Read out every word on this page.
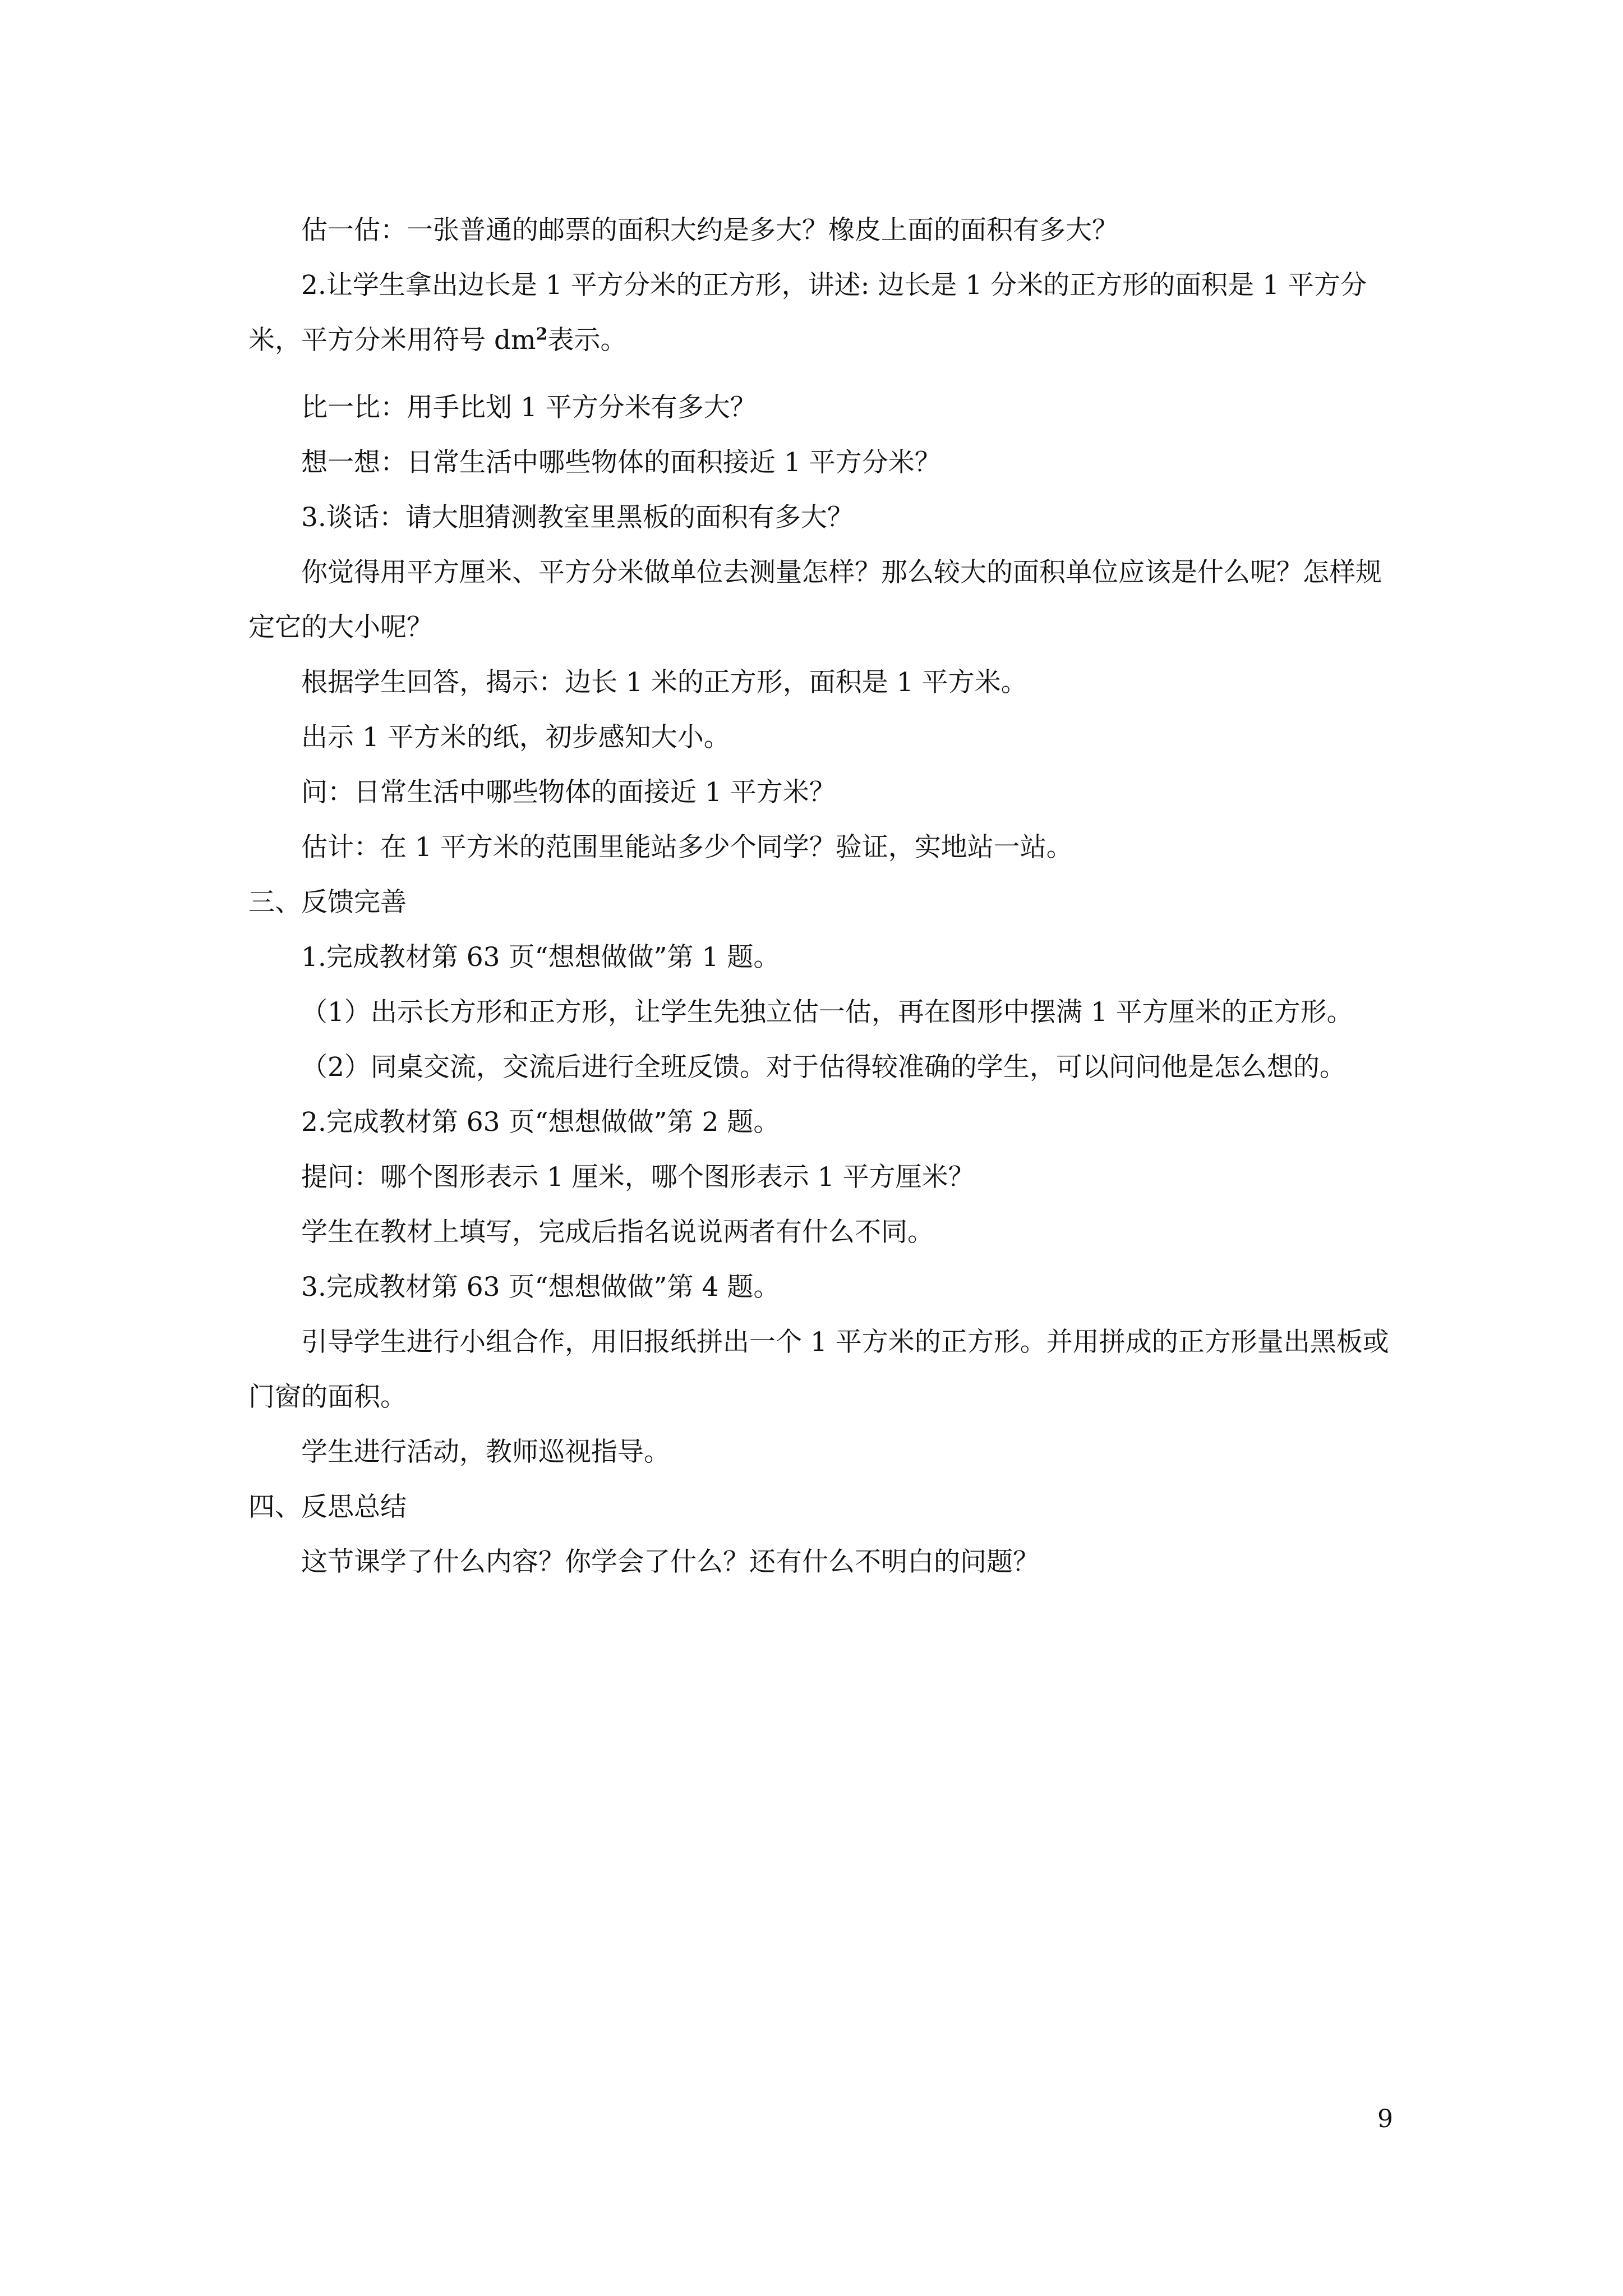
估一估：一张普通的邮票的面积大约是多大？橡皮上面的面积有多大？

2.让学生拿出边长是 1 平方分米的正方形，讲述: 边长是 1 分米的正方形的面积是 1 平方分米，平方分米用符号 $dm^2$表示。

比一比：用手比划 1 平方分米有多大？

想一想：日常生活中哪些物体的面积接近 1 平方分米？

3.谈话：请大胆猜测教室里黑板的面积有多大？

你觉得用平方厘米、平方分米做单位去测量怎样？那么较大的面积单位应该是什么呢？怎样规定它的大小呢？

根据学生回答，揭示：边长 1 米的正方形，面积是 1 平方米。

出示 1 平方米的纸，初步感知大小。

问：日常生活中哪些物体的面接近 1 平方米？

估计：在 1 平方米的范围里能站多少个同学？验证，实地站一站。

三、反馈完善

1.完成教材第 63 页“想想做做”第 1 题。

（1）出示长方形和正方形，让学生先独立估一估，再在图形中摆满 1 平方厘米的正方形。

（2）同桌交流，交流后进行全班反馈。对于估得较准确的学生，可以问问他是怎么想的。

2.完成教材第 63 页“想想做做”第 2 题。

提问：哪个图形表示 1 厘米，哪个图形表示 1 平方厘米？

学生在教材上填写，完成后指名说说两者有什么不同。

3.完成教材第 63 页“想想做做”第 4 题。

引导学生进行小组合作，用旧报纸拼出一个 1 平方米的正方形。并用拼成的正方形量出黑板或门窗的面积。

学生进行活动，教师巡视指导。

四、反思总结

这节课学了什么内容？你学会了什么？还有什么不明白的问题？

9
